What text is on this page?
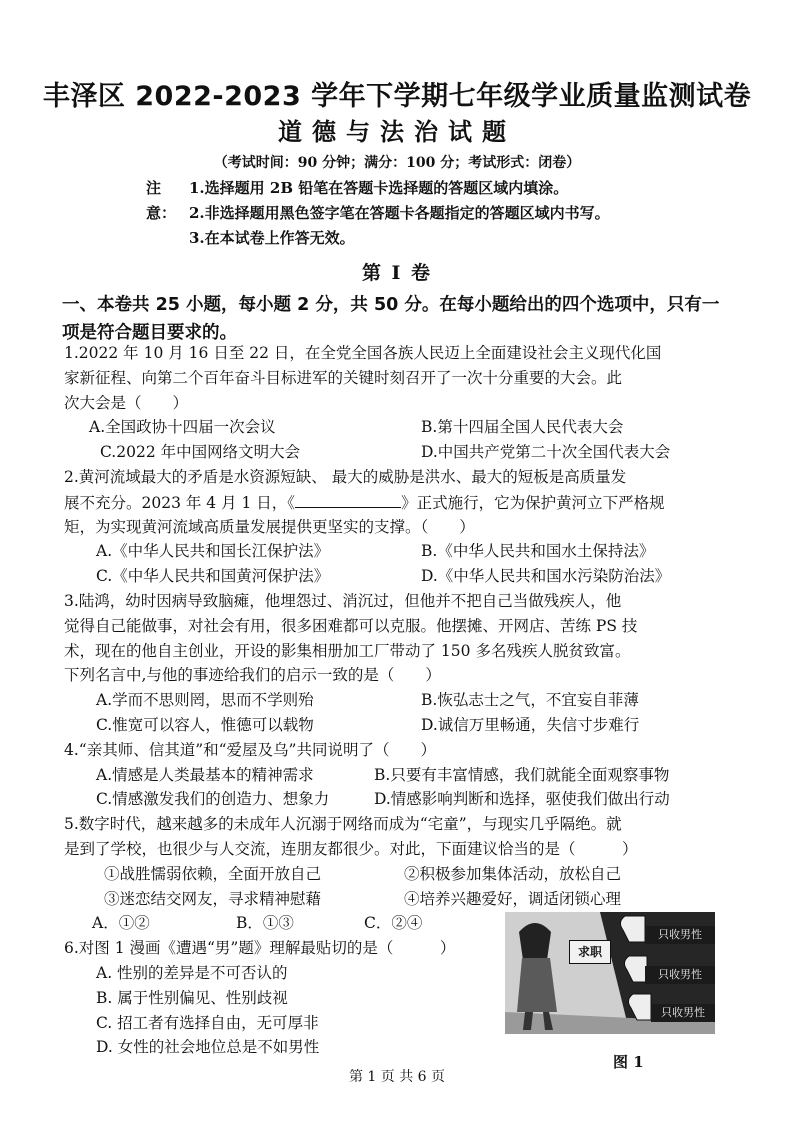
丰泽区 2022-2023 学年下学期七年级学业质量监测试卷
道德与法治试题
（考试时间：90 分钟；满分：100 分；考试形式：闭卷）
注意：
1.选择题用 2B 铅笔在答题卡选择题的答题区域内填涂。
2.非选择题用黑色签字笔在答题卡各题指定的答题区域内书写。
3.在本试卷上作答无效。
第 I 卷
一、本卷共 25 小题，每小题 2 分，共 50 分。在每小题给出的四个选项中，只有一
项是符合题目要求的。
1.2022 年 10 月 16 日至 22 日，在全党全国各族人民迈上全面建设社会主义现代化国
家新征程、向第二个百年奋斗目标进军的关键时刻召开了一次十分重要的大会。此
次大会是（　　）
A.全国政协十四届一次会议	B.第十四届全国人民代表大会
C.2022 年中国网络文明大会	D.中国共产党第二十次全国代表大会
2.黄河流域最大的矛盾是水资源短缺、 最大的威胁是洪水、最大的短板是高质量发
展不充分。2023 年 4 月 1 日，《	》正式施行，它为保护黄河立下严格规
矩，为实现黄河流域高质量发展提供更坚实的支撑。（　　）
A.《中华人民共和国长江保护法》	B.《中华人民共和国水土保持法》
C.《中华人民共和国黄河保护法》	D.《中华人民共和国水污染防治法》
3.陆鸿，幼时因病导致脑瘫，他埋怨过、消沉过，但他并不把自己当做残疾人，他
觉得自己能做事，对社会有用，很多困难都可以克服。他摆摊、开网店、苦练 PS 技
术，现在的他自主创业，开设的影集相册加工厂带动了 150 多名残疾人脱贫致富。
下列名言中,与他的事迹给我们的启示一致的是（　　）
A.学而不思则罔，思而不学则殆	B.恢弘志士之气，不宜妄自菲薄
C.惟宽可以容人，惟德可以载物	D.诚信万里畅通，失信寸步难行
4.“亲其师、信其道”和“爱屋及乌”共同说明了（　　）
A.情感是人类最基本的精神需求	B.只要有丰富情感，我们就能全面观察事物
C.情感激发我们的创造力、想象力	D.情感影响判断和选择，驱使我们做出行动
5.数字时代，越来越多的未成年人沉溺于网络而成为“宅童”，与现实几乎隔绝。就
是到了学校，也很少与人交流，连朋友都很少。对此，下面建议恰当的是（　　　）
①战胜懦弱依赖，全面开放自己	②积极参加集体活动，放松自己
③迷恋结交网友，寻求精神慰藉	④培养兴趣爱好，调适闭锁心理
A．①②	B．①③	C．②④
6.对图 1 漫画《遭遇“男”题》理解最贴切的是（　　　）
A. 性别的差异是不可否认的
B. 属于性别偏见、性别歧视
C. 招工者有选择自由，无可厚非
D. 女性的社会地位总是不如男性
只收男性
只收男性
只收男性
求职
图 1
第 1 页 共 6 页
